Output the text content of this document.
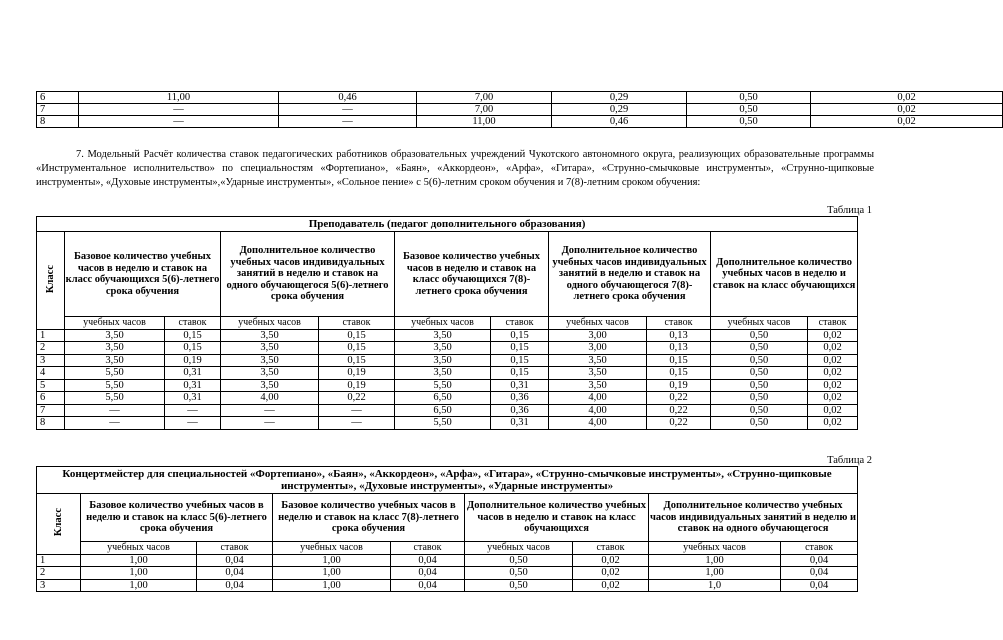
6	11,00	0,46	7,00	0,29	0,50	0,02
7	—	—	7,00	0,29	0,50	0,02
8	—	—	11,00	0,46	0,50	0,02

7. Модельный Расчёт количества ставок педагогических работников образовательных учреждений Чукотского автономного округа, реализующих образовательные программы «Инструментальное исполнительство» по специальностям «Фортепиано», «Баян», «Аккордеон», «Арфа», «Гитара», «Струнно-смычковые инструменты», «Струнно-щипковые инструменты», «Духовые инструменты»,«Ударные инструменты», «Сольное пение» с 5(6)-летним сроком обучения и 7(8)-летним сроком обучения:

Таблица 1
Преподаватель (педагог дополнительного образования)										
Класс	Базовое количество учебных часов в неделю и ставок на класс обучающихся 5(6)-летнего срока обучения		Дополнительное количество учебных часов индивидуальных занятий в неделю и ставок на одного обучающегося 5(6)-летнего срока обучения		Базовое количество учебных часов в неделю и ставок на класс обучающихся 7(8)-летнего срока обучения		Дополнительное количество учебных часов индивидуальных занятий в неделю и ставок на одного обучающегося 7(8)-летнего срока обучения		Дополнительное количество учебных часов в неделю и ставок на класс обучающихся	
	учебных часов	ставок	учебных часов	ставок	учебных часов	ставок	учебных часов	ставок	учебных часов	ставок
1	3,50	0,15	3,50	0,15	3,50	0,15	3,00	0,13	0,50	0,02
2	3,50	0,15	3,50	0,15	3,50	0,15	3,00	0,13	0,50	0,02
3	3,50	0,19	3,50	0,15	3,50	0,15	3,50	0,15	0,50	0,02
4	5,50	0,31	3,50	0,19	3,50	0,15	3,50	0,15	0,50	0,02
5	5,50	0,31	3,50	0,19	5,50	0,31	3,50	0,19	0,50	0,02
6	5,50	0,31	4,00	0,22	6,50	0,36	4,00	0,22	0,50	0,02
7	—	—	—	—	6,50	0,36	4,00	0,22	0,50	0,02
8	—	—	—	—	5,50	0,31	4,00	0,22	0,50	0,02
Таблица 2
Концертмейстер для специальностей «Фортепиано», «Баян», «Аккордеон», «Арфа», «Гитара», «Струнно-смычковые инструменты», «Струнно-щипковые инструменты», «Духовые инструменты», «Ударные инструменты»								
Класс	Базовое количество учебных часов в неделю и ставок на класс 5(6)-летнего срока обучения		Базовое количество учебных часов в неделю и ставок на класс 7(8)-летнего срока обучения		Дополнительное количество учебных часов в неделю и ставок на класс обучающихся		Дополнительное количество учебных часов индивидуальных занятий в неделю и ставок на одного обучающегося	
	учебных часов	ставок	учебных часов	ставок	учебных часов	ставок	учебных часов	ставок
1	1,00	0,04	1,00	0,04	0,50	0,02	1,00	0,04
2	1,00	0,04	1,00	0,04	0,50	0,02	1,00	0,04
3	1,00	0,04	1,00	0,04	0,50	0,02	1,0	0,04
